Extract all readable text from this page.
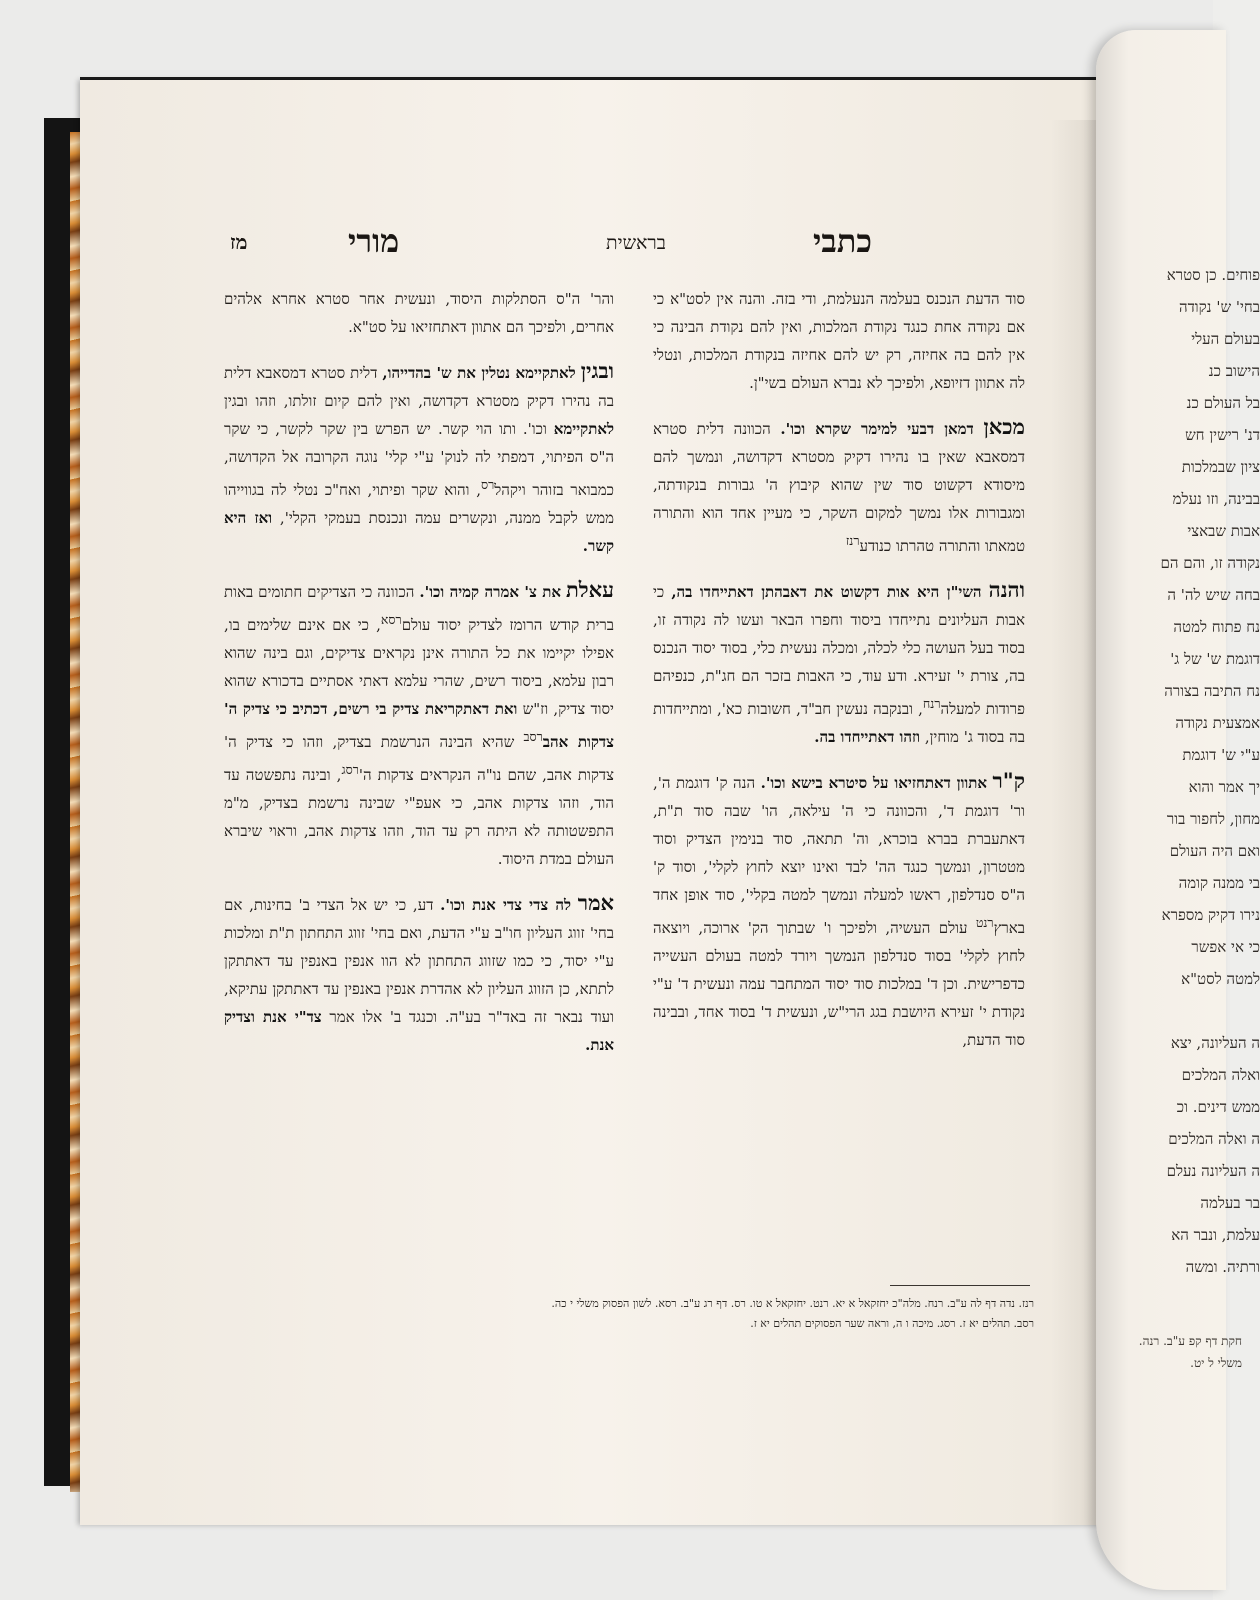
כתבי
בראשית
מורי
מז

סוד הדעת הנכנס בעלמה הנעלמת, ודי בזה. והנה אין לסט"א כי אם נקודה אחת כנגד נקודת המלכות, ואין להם נקודת הבינה כי אין להם בה אחיזה, רק יש להם אחיזה בנקודת המלכות, ונטלי לה אתוון דזיופא, ולפיכך לא נברא העולם בשי"ן.

מכאן דמאן דבעי למימר שקרא וכו'. הכוונה דלית סטרא דמסאבא שאין בו נהירו דקיק מסטרא דקדושה, ונמשך להם מיסודא דקשוט סוד שין שהוא קיבוץ ה' גבורות בנקודתה, ומגבורות אלו נמשך למקום השקר, כי מעיין אחד הוא והתורה טמאתו והתורה טהרתו כנודע$^{רנז}$

והנה השי"ן היא אות דקשוט את דאבהתן דאתייחדו בה, כי אבות העליונים נתייחדו ביסוד וחפרו הבאר ועשו לה נקודה זו, בסוד בעל העושה כלי לכלה, ומכלה נעשית כלי, בסוד יסוד הנכנס בה, צורת י' זעירא. ודע עוד, כי האבות בזכר הם חג"ת, כנפיהם פרודות למעלה$^{רנח}$, ובנקבה נעשין חב"ד, חשובות כא', ומתייחדות בה בסוד ג' מוחין, וזהו דאתייחדו בה.

ק"ר אתוון דאתחזיאו על סיטרא בישא וכו'. הנה ק' דוגמת ה', ור' דוגמת ד', והכוונה כי ה' עילאה, הו' שבה סוד ת"ת, דאתעברת בברא בוכרא, וה' תתאה, סוד בנימין הצדיק וסוד מטטרון, ונמשך כנגד הה' לבד ואינו יוצא לחוץ לקלי', וסוד ק' ה"ס סנדלפון, ראשו למעלה ונמשך למטה בקלי', סוד אופן אחד בארץ$^{רנט}$ עולם העשיה, ולפיכך ו' שבתוך הק' ארוכה, ויוצאה לחוץ לקלי' בסוד סנדלפון הנמשך ויורד למטה בעולם העשייה כדפרישית. וכן ד' במלכות סוד יסוד המתחבר עמה ונעשית ד' ע"י נקודת י' זעירא היושבת בגג הרי"ש, ונעשית ד' בסוד אחד, ובבינה סוד הדעת,

והר' ה"ס הסתלקות היסוד, ונעשית אחר סטרא אחרא אלהים אחרים, ולפיכך הם אתוון דאתחזיאו על סט"א.

ובגין לאתקיימא נטלין את ש' בהדייהו, דלית סטרא דמסאבא דלית בה נהירו דקיק מסטרא דקדושה, ואין להם קיום זולתו, וזהו ובגין לאתקיימא וכו'. ותו הוי קשר. יש הפרש בין שקר לקשר, כי שקר ה"ס הפיתוי, דמפתי לה לנוק' ע"י קלי' נוגה הקרובה אל הקדושה, כמבואר בזוהר ויקהל$^{רס}$, והוא שקר ופיתוי, ואח"כ נטלי לה בגווייהו ממש לקבל ממנה, ונקשרים עמה ונכנסת בעמקי הקלי', ואז היא קשר.

עאלת את צ' אמרה קמיה וכו'. הכוונה כי הצדיקים חתומים באות ברית קודש הרומז לצדיק יסוד עולם$^{רסא}$, כי אם אינם שלימים בו, אפילו יקיימו את כל התורה אינן נקראים צדיקים, וגם בינה שהוא רבון עלמא, ביסוד רשים, שהרי עלמא דאתי אסתיים בדכורא שהוא יסוד צדיק, וז"ש ואת דאתקריאת צדיק בי רשים, דכתיב כי צדיק ה' צדקות אהב$^{רסב}$ שהיא הבינה הנרשמת בצדיק, וזהו כי צדיק ה' צדקות אהב, שהם נו"ה הנקראים צדקות $ה'^{רסג}$, ובינה נתפשטה עד הוד, וזהו צדקות אהב, כי אעפ"י שבינה נרשמת בצדיק, מ"מ התפשטותה לא היתה רק עד הוד, וזהו צדקות אהב, וראוי שיברא העולם במדת היסוד.

אמר לה צדי צדי אנת וכו'. דע, כי יש אל הצדי ב' בחינות, אם בחי' זווג העליון חו"ב ע"י הדעת, ואם בחי' זווג התחתון ת"ת ומלכות ע"י יסוד, כי כמו שזווג התחתון לא הוו אנפין באנפין עד דאתתקן לתתא, כן הזווג העליון לא אהדרת אנפין באנפין עד דאתתקן עתיקא, ועוד נבאר זה באד"ר בע"ה. וכנגד ב' אלו אמר צד"י אנת וצדיק אנת.

רנז. נדה דף לה ע"ב. רנח. מלה"כ יחזקאל א יא. רנט. יחזקאל א טו. רס. דף רג ע"ב. רסא. לשון הפסוק משלי י כה.
רסב. תהלים יא ז. רסג. מיכה ו ה, וראה שער הפסוקים תהלים יא ז.
פוחים. כן סטרא
בחי' ש' נקודה
בעולם העלי
הישוב כנ
בל העולם כנ
דנ' רישין חש
ציון שבמלכות
בבינה, וזו נעלמ
אבות שבאצי
נקודה זו, והם הם
בחה שיש לה' ה
נח פתוח למטה
דוגמת ש' של ג'
נח התיבה בצורה
אמצעית נקודה
ע"י ש' דוגמת
יך אמר והוא
מחון, לחפור בור
ואם היה העולם
בי ממנה קומה
נירו דקיק מספרא
כי אי אפשר
למטה לסט"א
ה העליונה, יצא
ואלה המלכים
ממש דינים. וכ
ה ואלה המלכים
ה העליונה נעלם
בר בעלמה
עלמת, ונבר הא
ורתיה. ומשה
חקת דף קפ ע"ב. רנה. משלי ל יט.
